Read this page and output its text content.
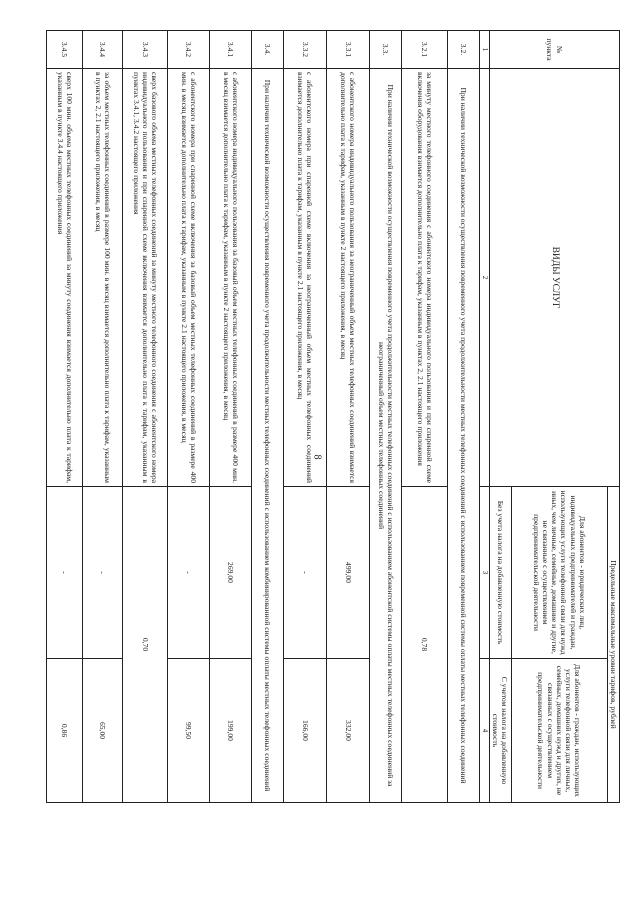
8
№ пункта	ВИДЫ УСЛУГ	Предельные максимальные уровни тарифов, рублей	
		Для абонентов - юридических лиц, индивидуальных предпринимателей и граждан, использующих услуги телефонной связи для нужд иных, чем личные, семейные, домашние и другие, не связанные с осуществлением предпринимательской деятельности	Для абонентов - граждан, использующих услуги телефонной связи для личных, семейных, домашних нужд и других, не связанных с осуществлением предпринимательской деятельности
		Без учета налога на добавленную стоимость	С учетом налога на добавленную стоимость
1	2	3	4
3.2.	При наличии технической возможности осуществления повременного учета продолжительности местных телефонных соединений с использованием повременной системы оплаты местных телефонных соединений		
3.2.1	за минуту местного телефонного соединения с абонентского номера индивидуального пользования и при спаренной схеме включения оборудования взимается дополнительно плата к тарифам, указанным в пунктах 2, 2.1 настоящего приложения	0,78	
3.3.	При наличии технической возможности осуществления повременного учета продолжительности местных телефонных соединений с использованием абонентской системы оплаты местных телефонных соединений за неограниченный объем местных телефонных соединений		
3.3.1	с абонентского номера индивидуального пользования за неограниченный объем местных телефонных соединений взимается дополнительно плата к тарифам, указанным в пункте 2 настоящего приложения, в месяц	499,00	332,00
3.3.2	с абонентского номера при спаренной схеме включения за неограниченный объем местных телефонных соединений взимается дополнительно плата к тарифам, указанным в пункте 2.1 настоящего приложения, в месяц	-	166,00
3.4.	При наличии технической возможности осуществления повременного учета продолжительности местных телефонных соединений с использованием комбинированной системы оплаты местных телефонных соединений		
3.4.1	с абонентского номера индивидуального пользования за базовый объем местных телефонных соединений в размере 400 мин. в месяц взимается дополнительно плата к тарифам, указанным в пункте 2 настоящего приложения, в месяц	269,00	199,00
3.4.2	с абонентского номера при спаренной схеме включения за базовый объем местных телефонных соединений в размере 400 мин. в месяц взимается дополнительно плата к тарифам, указанным в пункте 2.1 настоящего приложения, в месяц	-	99,50
3.4.3	сверх базового объема местных телефонных соединений за минуту местного телефонного соединения с абонентского номера индивидуального пользования и при спаренной схеме включения взимается дополнительно плата к тарифам, указанным в пунктах 3.4.1, 3.4.2 настоящего приложения	0,70	
3.4.4	за объем местных телефонных соединений в размере 100 мин. в месяц взимается дополнительно плата к тарифам, указанным в пунктах 2, 2.1 настоящего приложения, в месяц	-	65,00
3.4.5	сверх 100 мин. объема местных телефонных соединений за минуту соединения взимается дополнительно плата к тарифам, указанным в пункте 3.4.4 настоящего приложения	-	0,86
